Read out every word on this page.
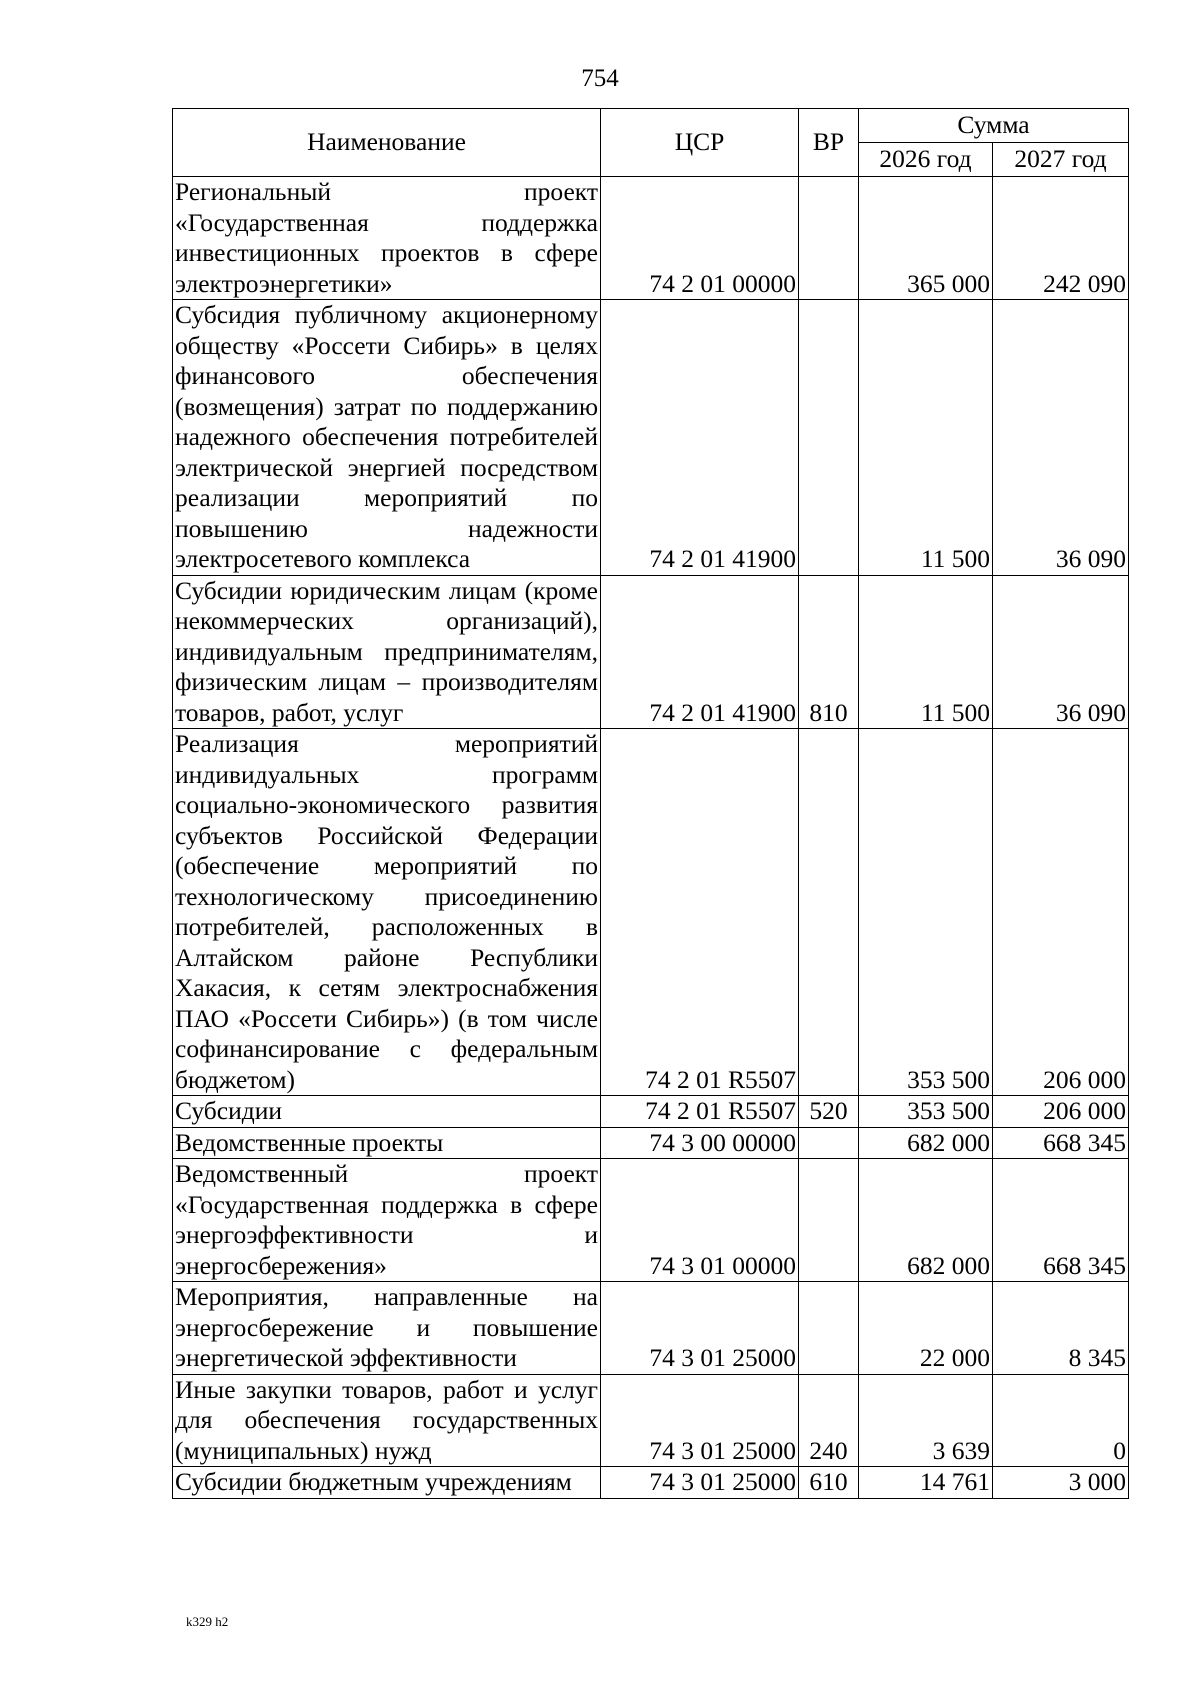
754
Наименование	ЦСР	ВР	Сумма	
			2026 год	2027 год
Региональный проект «Государственная поддержка инвестиционных проектов в сфере электроэнергетики»	74 2 01 00000		365 000	242 090
Субсидия публичному акционерному обществу «Россети Сибирь» в целях финансового обеспечения (возмещения) затрат по поддержанию надежного обеспечения потребителей электрической энергией посредством реализации мероприятий по повышению надежности электросетевого комплекса	74 2 01 41900		11 500	36 090
Субсидии юридическим лицам (кроме некоммерческих организаций), индивидуальным предпринимателям, физическим лицам – производителям товаров, работ, услуг	74 2 01 41900	810	11 500	36 090
Реализация мероприятий индивидуальных программ социально-экономического развития субъектов Российской Федерации (обеспечение мероприятий по технологическому присоединению потребителей, расположенных в Алтайском районе Республики Хакасия, к сетям электроснабжения ПАО «Россети Сибирь») (в том числе софинансирование с федеральным бюджетом)	74 2 01 R5507		353 500	206 000
Субсидии	74 2 01 R5507	520	353 500	206 000
Ведомственные проекты	74 3 00 00000		682 000	668 345
Ведомственный проект «Государственная поддержка в сфере энергоэффективности и энергосбережения»	74 3 01 00000		682 000	668 345
Мероприятия, направленные на энергосбережение и повышение энергетической эффективности	74 3 01 25000		22 000	8 345
Иные закупки товаров, работ и услуг для обеспечения государственных (муниципальных) нужд	74 3 01 25000	240	3 639	0
Субсидии бюджетным учреждениям	74 3 01 25000	610	14 761	3 000
k329 h2
